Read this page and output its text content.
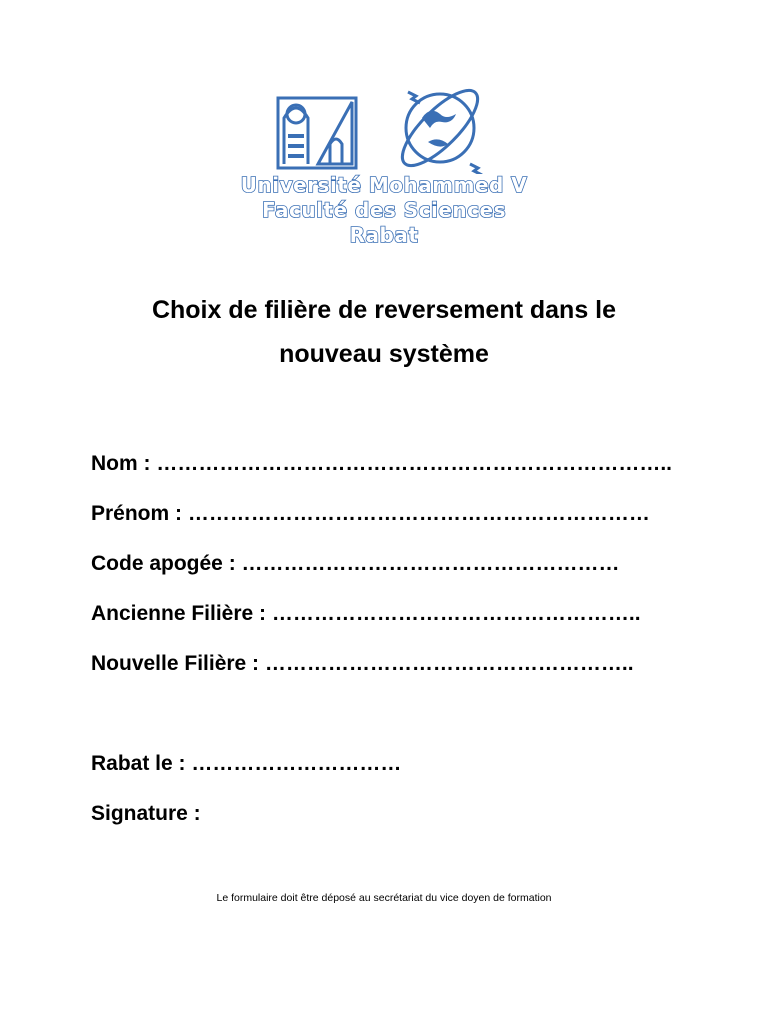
Université Mohammed V
Faculté des Sciences
Rabat
Choix de filière de reversement dans le
nouveau système
Nom : ………………………………………………………………..
Prénom : …………………………………………………………
Code apogée : ………………………………………………
Ancienne Filière : ……………………………………………..
Nouvelle Filière : ……………………………………………..
Rabat le : …………………………
Signature :
Le formulaire doit être déposé au secrétariat du vice doyen de formation
